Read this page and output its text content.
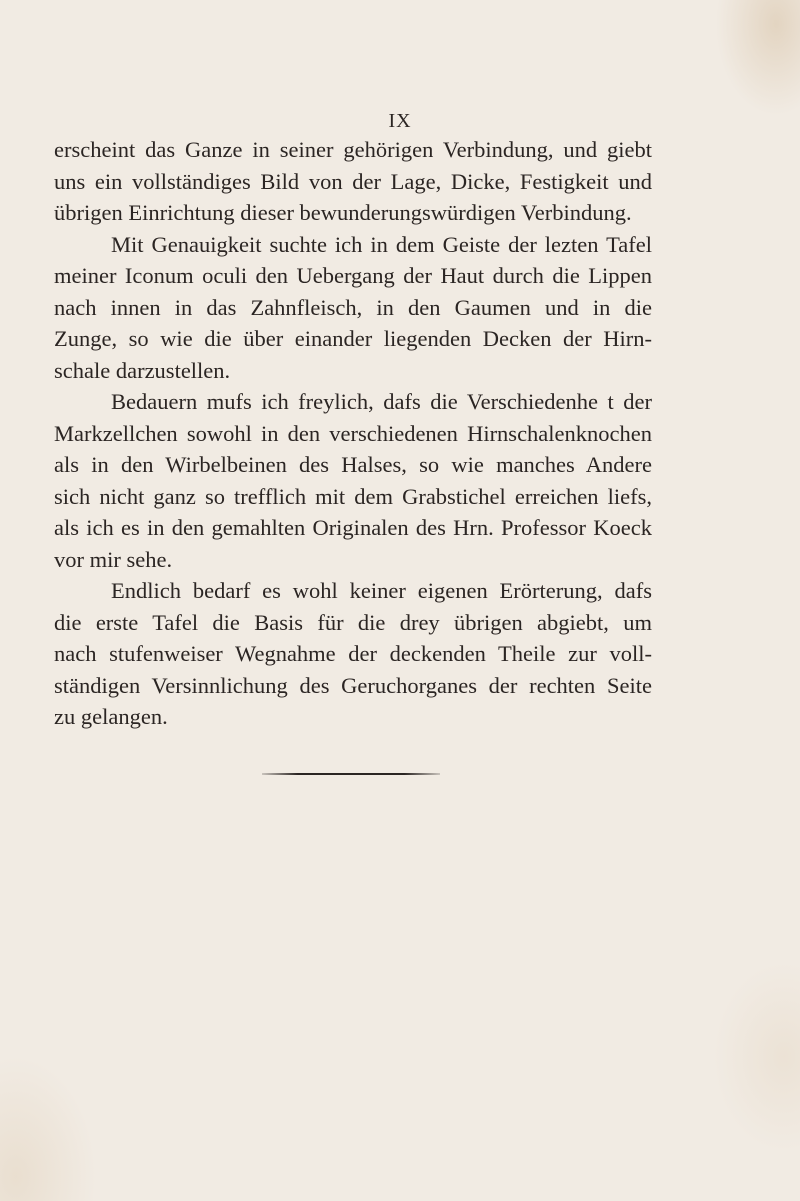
IX

erscheint das Ganze in seiner gehörigen Verbindung, und giebt

uns ein vollständiges Bild von der Lage, Dicke, Festigkeit und

übrigen Einrichtung dieser bewunderungswürdigen Verbindung.

Mit Genauigkeit suchte ich in dem Geiste der lezten Tafel

meiner Iconum oculi den Uebergang der Haut durch die Lippen

nach innen in das Zahnfleisch, in den Gaumen und in die

Zunge, so wie die über einander liegenden Decken der Hirn-

schale darzustellen.

Bedauern mufs ich freylich, dafs die Verschiedenhe t der

Markzellchen sowohl in den verschiedenen Hirnschalenknochen

als in den Wirbelbeinen des Halses, so wie manches Andere

sich nicht ganz so trefflich mit dem Grabstichel erreichen liefs,

als ich es in den gemahlten Originalen des Hrn. Professor Koeck

vor mir sehe.

Endlich bedarf es wohl keiner eigenen Erörterung, dafs

die erste Tafel die Basis für die drey übrigen abgiebt, um

nach stufenweiser Wegnahme der deckenden Theile zur voll-

ständigen Versinnlichung des Geruchorganes der rechten Seite

zu gelangen.
